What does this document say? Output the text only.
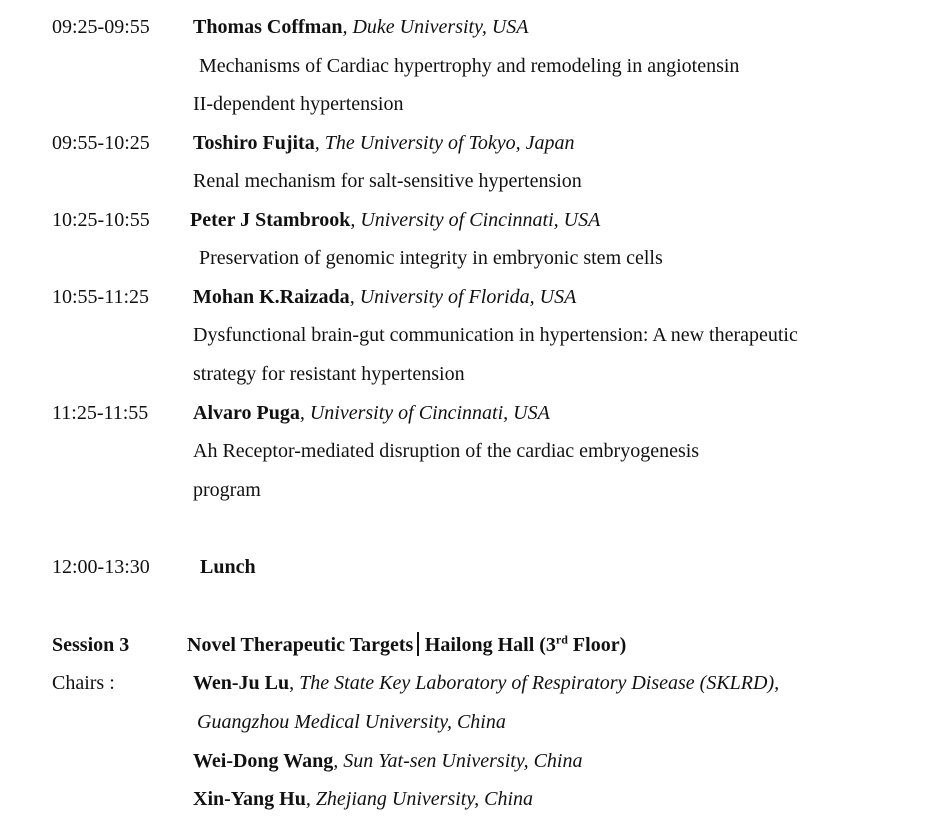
09:25-09:55 Thomas Coffman, Duke University, USA
Mechanisms of Cardiac hypertrophy and remodeling in angiotensin
II-dependent hypertension
09:55-10:25 Toshiro Fujita, The University of Tokyo, Japan
Renal mechanism for salt-sensitive hypertension
10:25-10:55 Peter J Stambrook, University of Cincinnati, USA
Preservation of genomic integrity in embryonic stem cells
10:55-11:25 Mohan K.Raizada, University of Florida, USA
Dysfunctional brain-gut communication in hypertension: A new therapeutic
strategy for resistant hypertension
11:25-11:55 Alvaro Puga, University of Cincinnati, USA
Ah Receptor-mediated disruption of the cardiac embryogenesis
program
12:00-13:30	Lunch
Session 3	Novel Therapeutic Targets Hailong Hall (3rd Floor)
Chairs :	Wen-Ju Lu, The State Key Laboratory of Respiratory Disease (SKLRD),
Guangzhou Medical University, China
Wei-Dong Wang, Sun Yat-sen University, China
Xin-Yang Hu, Zhejiang University, China
